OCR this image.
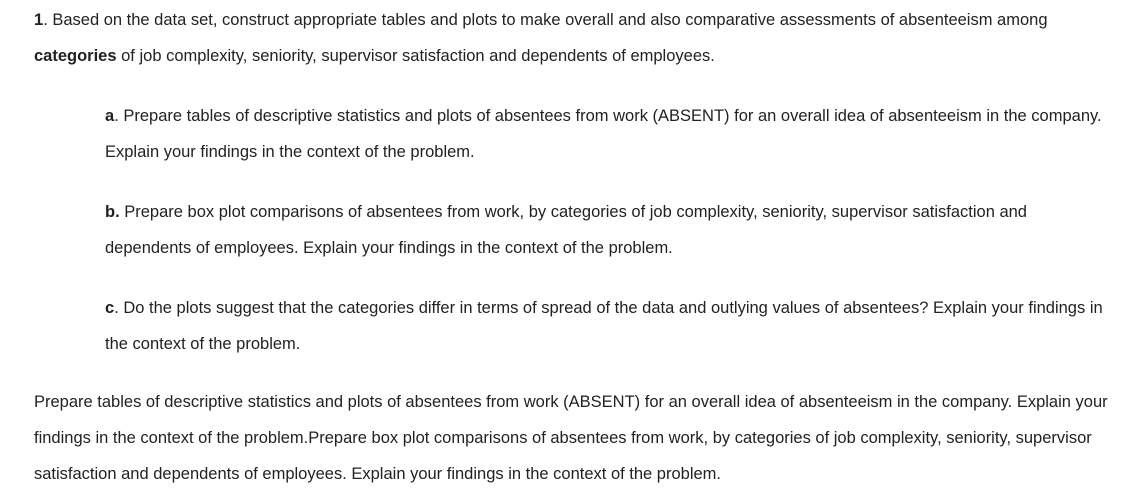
1. Based on the data set, construct appropriate tables and plots to make overall and also comparative assessments of absenteeism among categories of job complexity, seniority, supervisor satisfaction and dependents of employees.

a. Prepare tables of descriptive statistics and plots of absentees from work (ABSENT) for an overall idea of absenteeism in the company. Explain your findings in the context of the problem.

b. Prepare box plot comparisons of absentees from work, by categories of job complexity, seniority, supervisor satisfaction and dependents of employees. Explain your findings in the context of the problem.

c. Do the plots suggest that the categories differ in terms of spread of the data and outlying values of absentees? Explain your findings in the context of the problem.

Prepare tables of descriptive statistics and plots of absentees from work (ABSENT) for an overall idea of absenteeism in the company. Explain your findings in the context of the problem.Prepare box plot comparisons of absentees from work, by categories of job complexity, seniority, supervisor satisfaction and dependents of employees. Explain your findings in the context of the problem.
